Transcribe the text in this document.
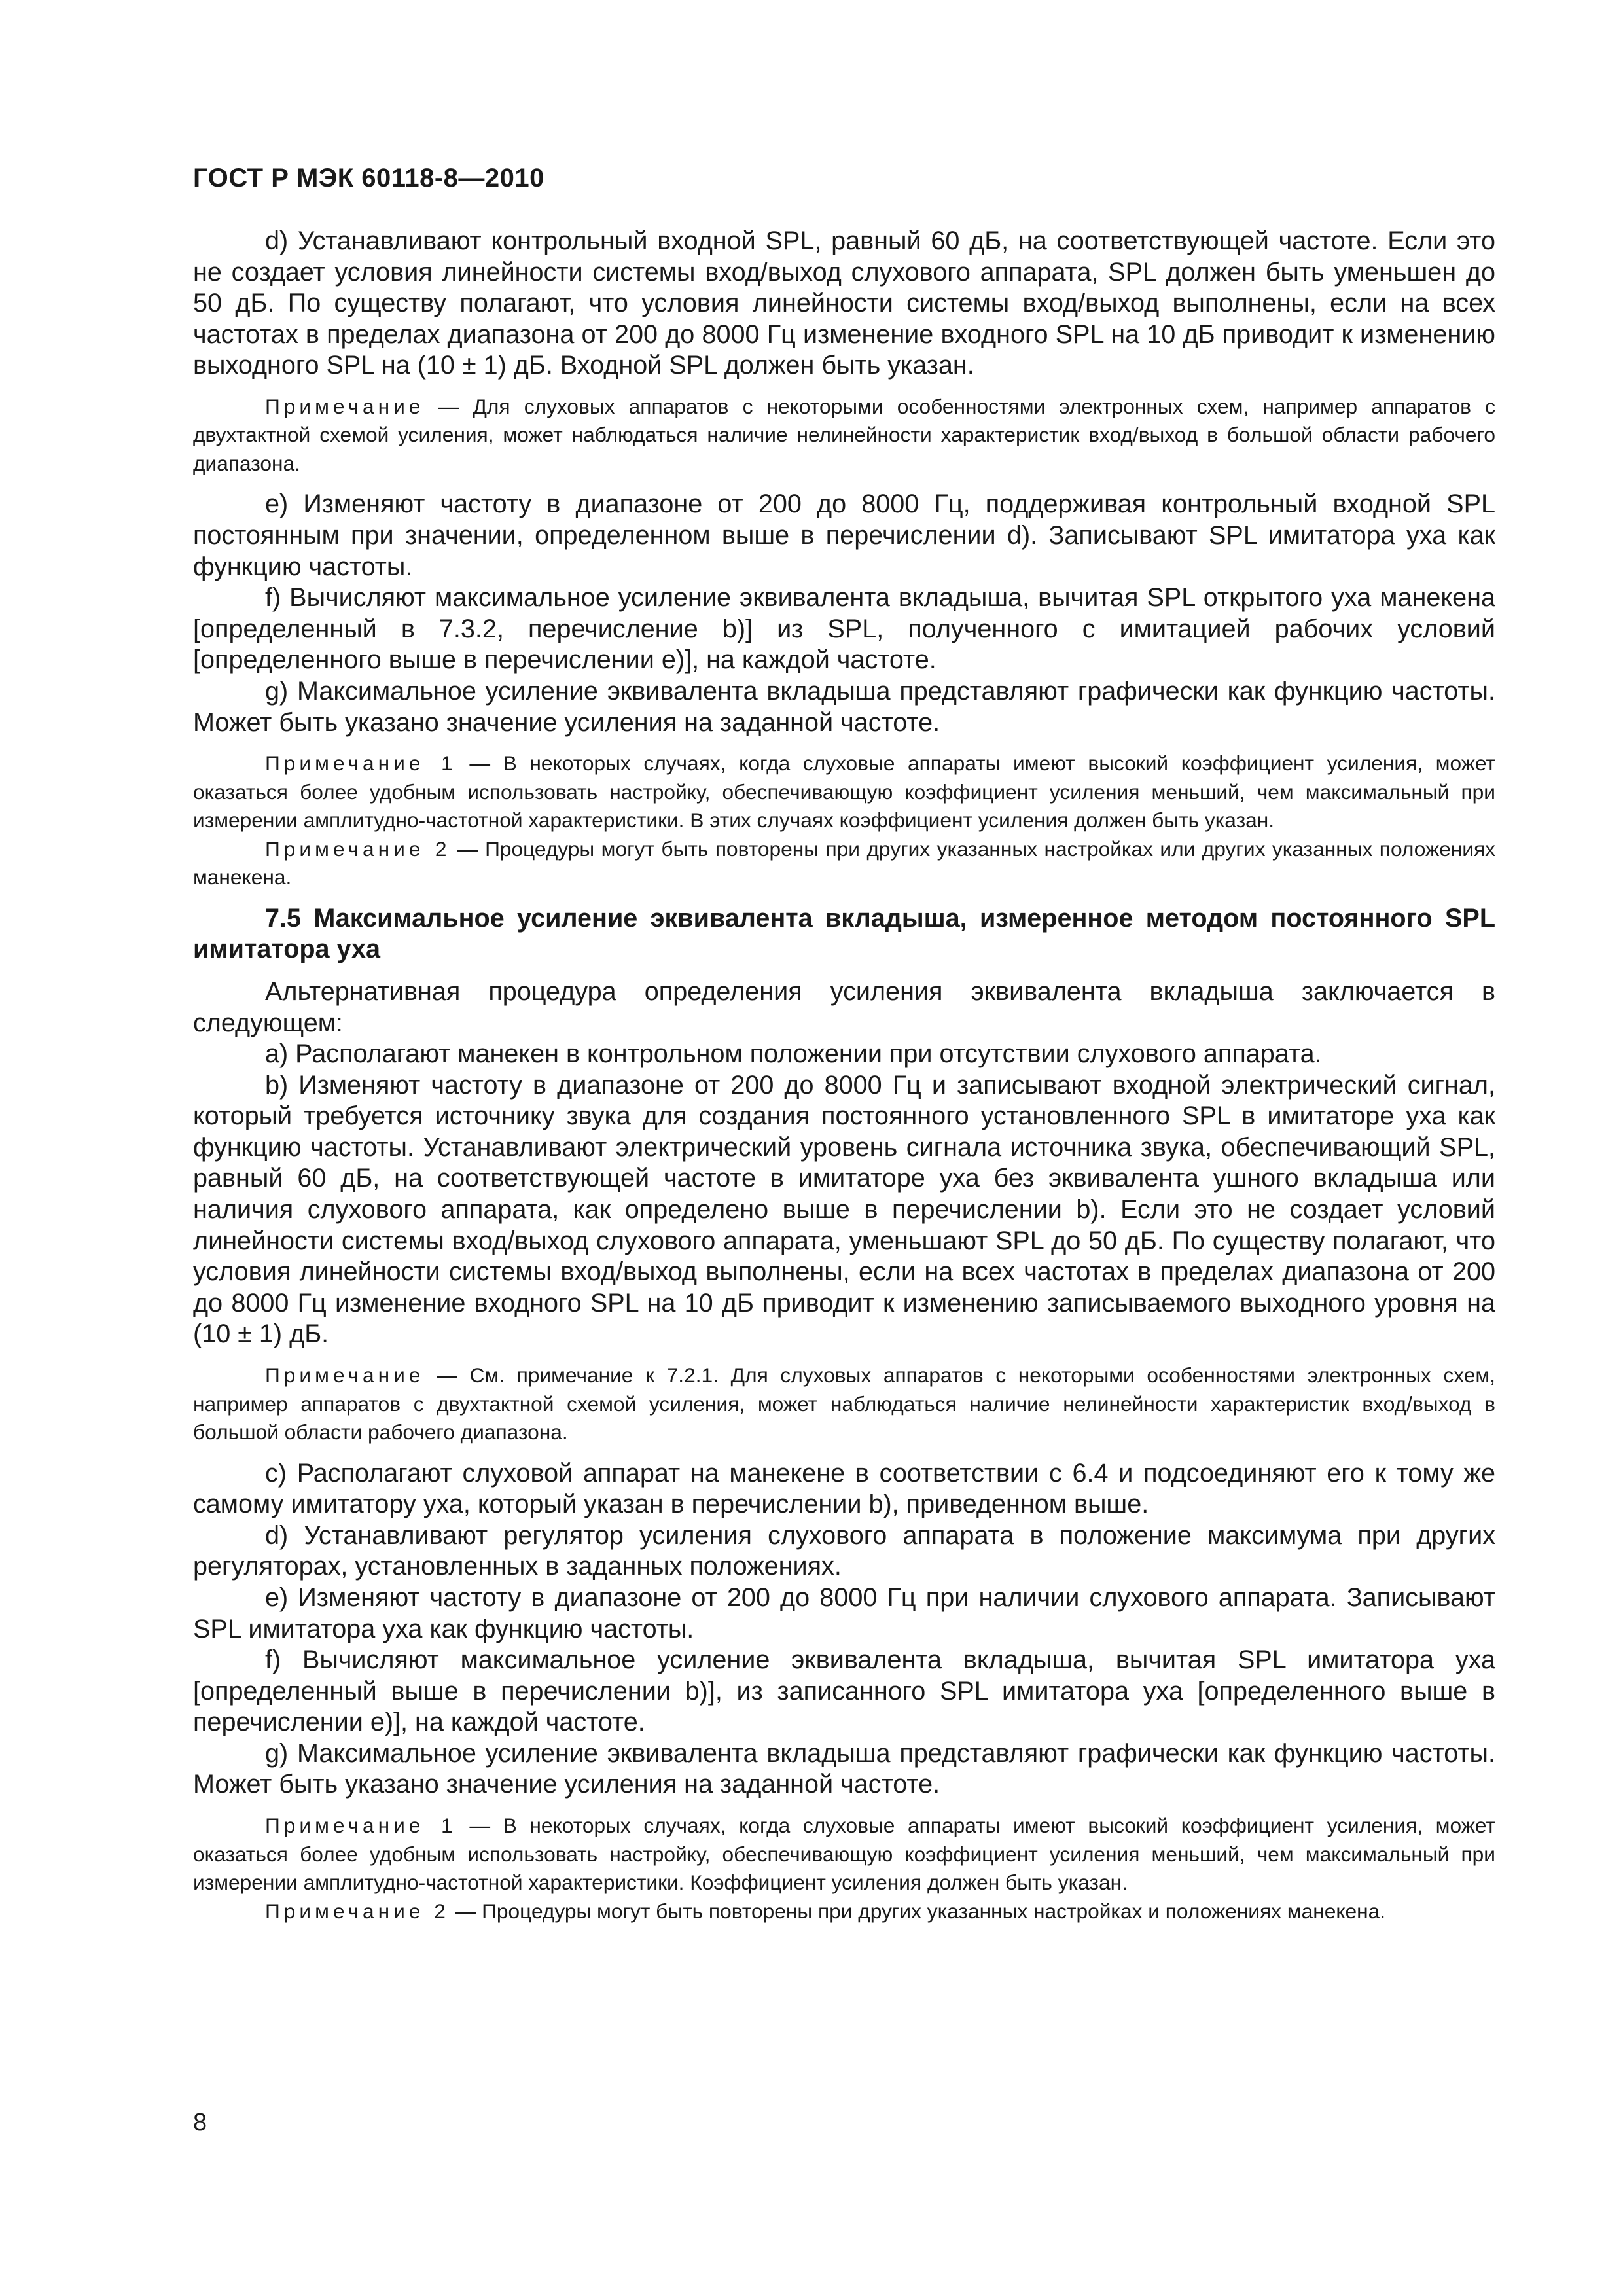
ГОСТ Р МЭК 60118-8—2010

d) Устанавливают контрольный входной SPL, равный 60 дБ, на соответствующей частоте. Если это не создает условия линейности системы вход/выход слухового аппарата, SPL должен быть уменьшен до 50 дБ. По существу полагают, что условия линейности системы вход/выход выполнены, если на всех частотах в пределах диапазона от 200 до 8000 Гц изменение входного SPL на 10 дБ приводит к изменению выходного SPL на (10 ± 1) дБ. Входной SPL должен быть указан.

Примечание — Для слуховых аппаратов с некоторыми особенностями электронных схем, например аппаратов с двухтактной схемой усиления, может наблюдаться наличие нелинейности характеристик вход/выход в большой области рабочего диапазона.

e) Изменяют частоту в диапазоне от 200 до 8000 Гц, поддерживая контрольный входной SPL постоянным при значении, определенном выше в перечислении d). Записывают SPL имитатора уха как функцию частоты.

f) Вычисляют максимальное усиление эквивалента вкладыша, вычитая SPL открытого уха манекена [определенный в 7.3.2, перечисление b)] из SPL, полученного с имитацией рабочих условий [определенного выше в перечислении e)], на каждой частоте.

g) Максимальное усиление эквивалента вкладыша представляют графически как функцию частоты. Может быть указано значение усиления на заданной частоте.

Примечание 1 — В некоторых случаях, когда слуховые аппараты имеют высокий коэффициент усиления, может оказаться более удобным использовать настройку, обеспечивающую коэффициент усиления меньший, чем максимальный при измерении амплитудно-частотной характеристики. В этих случаях коэффициент усиления должен быть указан.

Примечание 2 — Процедуры могут быть повторены при других указанных настройках или других указанных положениях манекена.

7.5 Максимальное усиление эквивалента вкладыша, измеренное методом постоянного SPL имитатора уха

Альтернативная процедура определения усиления эквивалента вкладыша заключается в следующем:

a) Располагают манекен в контрольном положении при отсутствии слухового аппарата.

b) Изменяют частоту в диапазоне от 200 до 8000 Гц и записывают входной электрический сигнал, который требуется источнику звука для создания постоянного установленного SPL в имитаторе уха как функцию частоты. Устанавливают электрический уровень сигнала источника звука, обеспечивающий SPL, равный 60 дБ, на соответствующей частоте в имитаторе уха без эквивалента ушного вкладыша или наличия слухового аппарата, как определено выше в перечислении b). Если это не создает условий линейности системы вход/выход слухового аппарата, уменьшают SPL до 50 дБ. По существу полагают, что условия линейности системы вход/выход выполнены, если на всех частотах в пределах диапазона от 200 до 8000 Гц изменение входного SPL на 10 дБ приводит к изменению записываемого выходного уровня на (10 ± 1) дБ.

Примечание — См. примечание к 7.2.1. Для слуховых аппаратов с некоторыми особенностями электронных схем, например аппаратов с двухтактной схемой усиления, может наблюдаться наличие нелинейности характеристик вход/выход в большой области рабочего диапазона.

c) Располагают слуховой аппарат на манекене в соответствии с 6.4 и подсоединяют его к тому же самому имитатору уха, который указан в перечислении b), приведенном выше.

d) Устанавливают регулятор усиления слухового аппарата в положение максимума при других регуляторах, установленных в заданных положениях.

e) Изменяют частоту в диапазоне от 200 до 8000 Гц при наличии слухового аппарата. Записывают SPL имитатора уха как функцию частоты.

f) Вычисляют максимальное усиление эквивалента вкладыша, вычитая SPL имитатора уха [определенный выше в перечислении b)], из записанного SPL имитатора уха [определенного выше в перечислении e)], на каждой частоте.

g) Максимальное усиление эквивалента вкладыша представляют графически как функцию частоты. Может быть указано значение усиления на заданной частоте.

Примечание 1 — В некоторых случаях, когда слуховые аппараты имеют высокий коэффициент усиления, может оказаться более удобным использовать настройку, обеспечивающую коэффициент усиления меньший, чем максимальный при измерении амплитудно-частотной характеристики. Коэффициент усиления должен быть указан.

Примечание 2 — Процедуры могут быть повторены при других указанных настройках и положениях манекена.

8
